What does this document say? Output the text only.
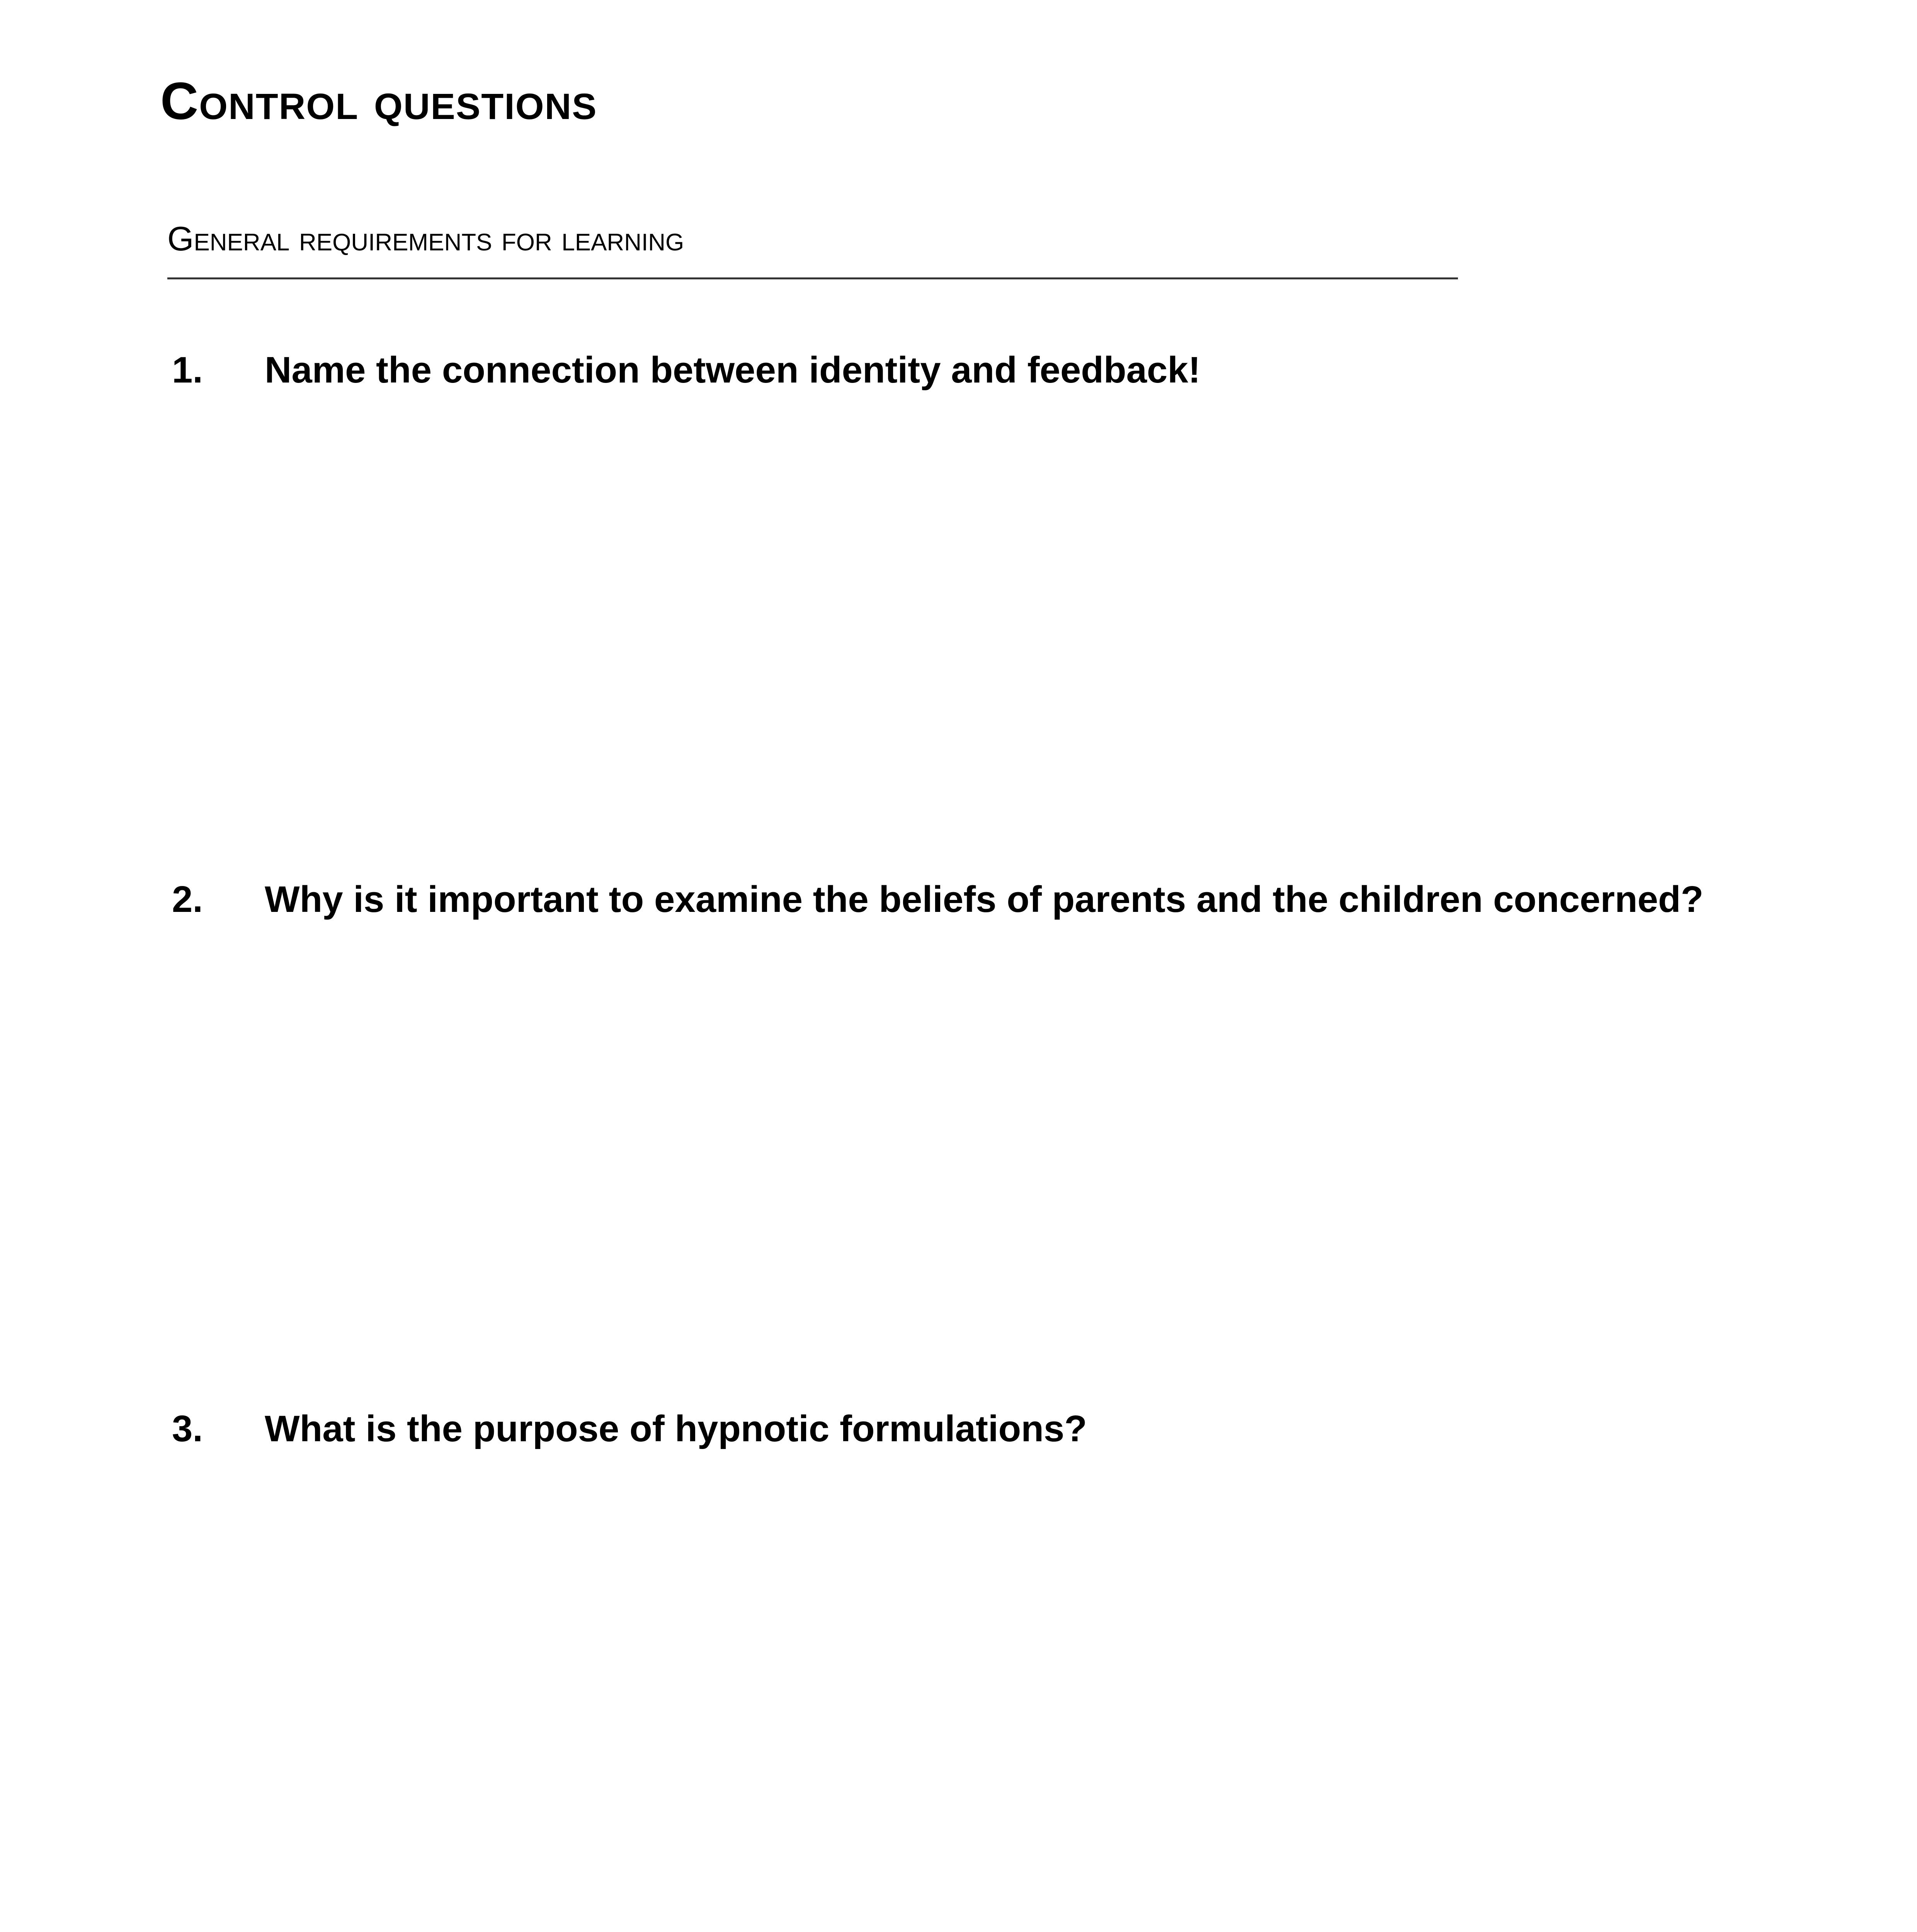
Control questions
General requirements for learning
1. Name the connection between identity and feedback!
2. Why is it important to examine the beliefs of parents and the children concerned?
3. What is the purpose of hypnotic formulations?
